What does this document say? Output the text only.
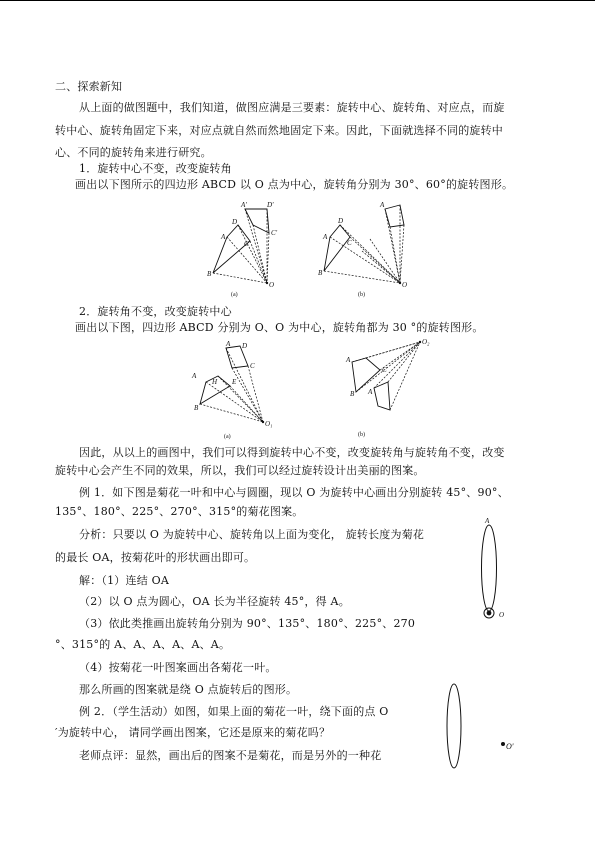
二、探索新知
从上面的做图题中，我们知道，做图应满是三要素：旋转中心、旋转角、对应点，而旋
转中心、旋转角固定下来，对应点就自然而然地固定下来。因此，下面就选择不同的旋转中
心、不同的旋转角来进行研究。
1．旋转中心不变，改变旋转角
画出以下图所示的四边形 ABCD 以 O 点为中心，旋转角分别为 30°、60°的旋转图形。
A
D
C
B
A'	D'
C'
O
(a)
A
D
C
B
A
O
(b)
2．旋转角不变，改变旋转中心
画出以下图，四边形 ABCD 分别为 O、O 为中心，旋转角都为 30 °的旋转图形。
A
A D
C
H E
B
O₁
(a)
A
C
B A
O₂
(b)
因此，从以上的画图中，我们可以得到旋转中心不变，改变旋转角与旋转角不变，改变
旋转中心会产生不同的效果，所以，我们可以经过旋转设计出美丽的图案。
例 1．如下图是菊花一叶和中心与圆圈，现以 O 为旋转中心画出分别旋转 45°、90°、
135°、180°、225°、270°、315°的菊花图案。
分析：只要以 O 为旋转中心、旋转角以上面为变化， 旋转长度为菊花
的最长 OA，按菊花叶的形状画出即可。
解：（1）连结 OA
（2）以 O 点为圆心，OA 长为半径旋转 45°，得 A。
（3）依此类推画出旋转角分别为 90°、135°、180°、225°、270
°、315°的 A、A、A、A、A、A。
（4）按菊花一叶图案画出各菊花一叶。
那么所画的图案就是绕 O 点旋转后的图形。
A
O
例 2．（学生活动）如图，如果上面的菊花一叶，绕下面的点 O
′为旋转中心， 请同学画出图案，它还是原来的菊花吗？
老师点评：显然，画出后的图案不是菊花，而是另外的一种花
O'
